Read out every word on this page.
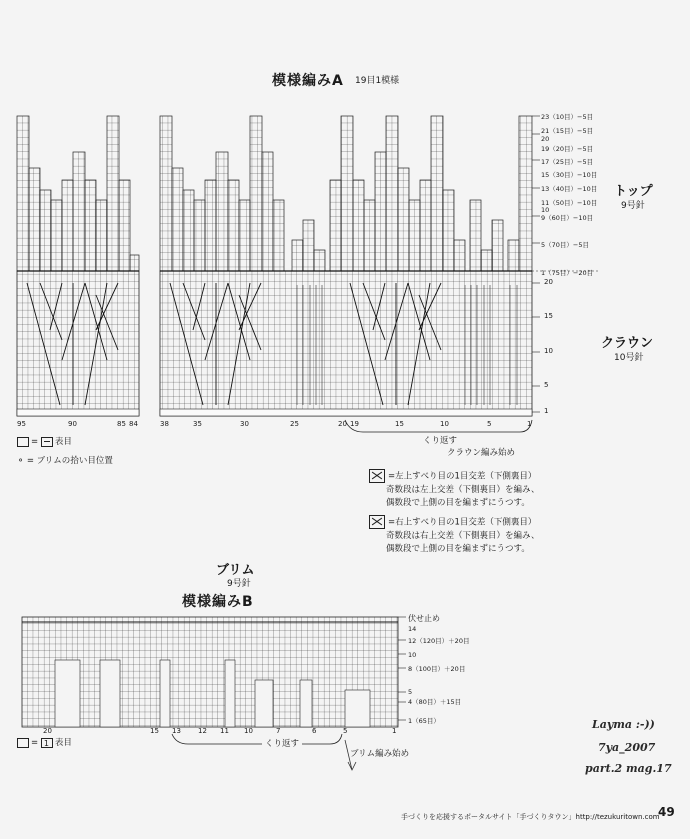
模様編みA 19目1模様
95	90	85 84	38	35	30	25	20 19	15	10	5	1
くり返す
クラウン編み始め
20
15
10
5
1
23（10目）−5目
21（15目）−5目
20
19（20目）−5目
17（25目）−5目
15（30目）−10目
13（40目）−10目
11（50目）−10目
10
9（60目）−10目
5（70目）−5目
1（75目）−20目
トップ
9号針
クラウン
10号針
= 表目
⚬ = ブリムの拾い目位置
=左上すべり目の1目交差（下側裏目）
奇数段は左上交差（下側裏目）を編み、
偶数段で上側の目を編まずにうつす。
=右上すべり目の1目交差（下側裏目）
奇数段は右上交差（下側裏目）を編み、
偶数段で上側の目を編まずにうつす。
ブリム
9号針
模様編みB
伏せ止め
14
12（120目）＋20目
10
8（100目）＋20目
5
4（80目）＋15目
1（65目）
20	15 13 12 11 10	7	6	5	1
くり返す
ブリム編み始め
= 1表目
Layma :-))
7ya_2007
part.2 mag.17
手づくりを応援するポータルサイト「手づくりタウン」http://tezukuritown.com
49
